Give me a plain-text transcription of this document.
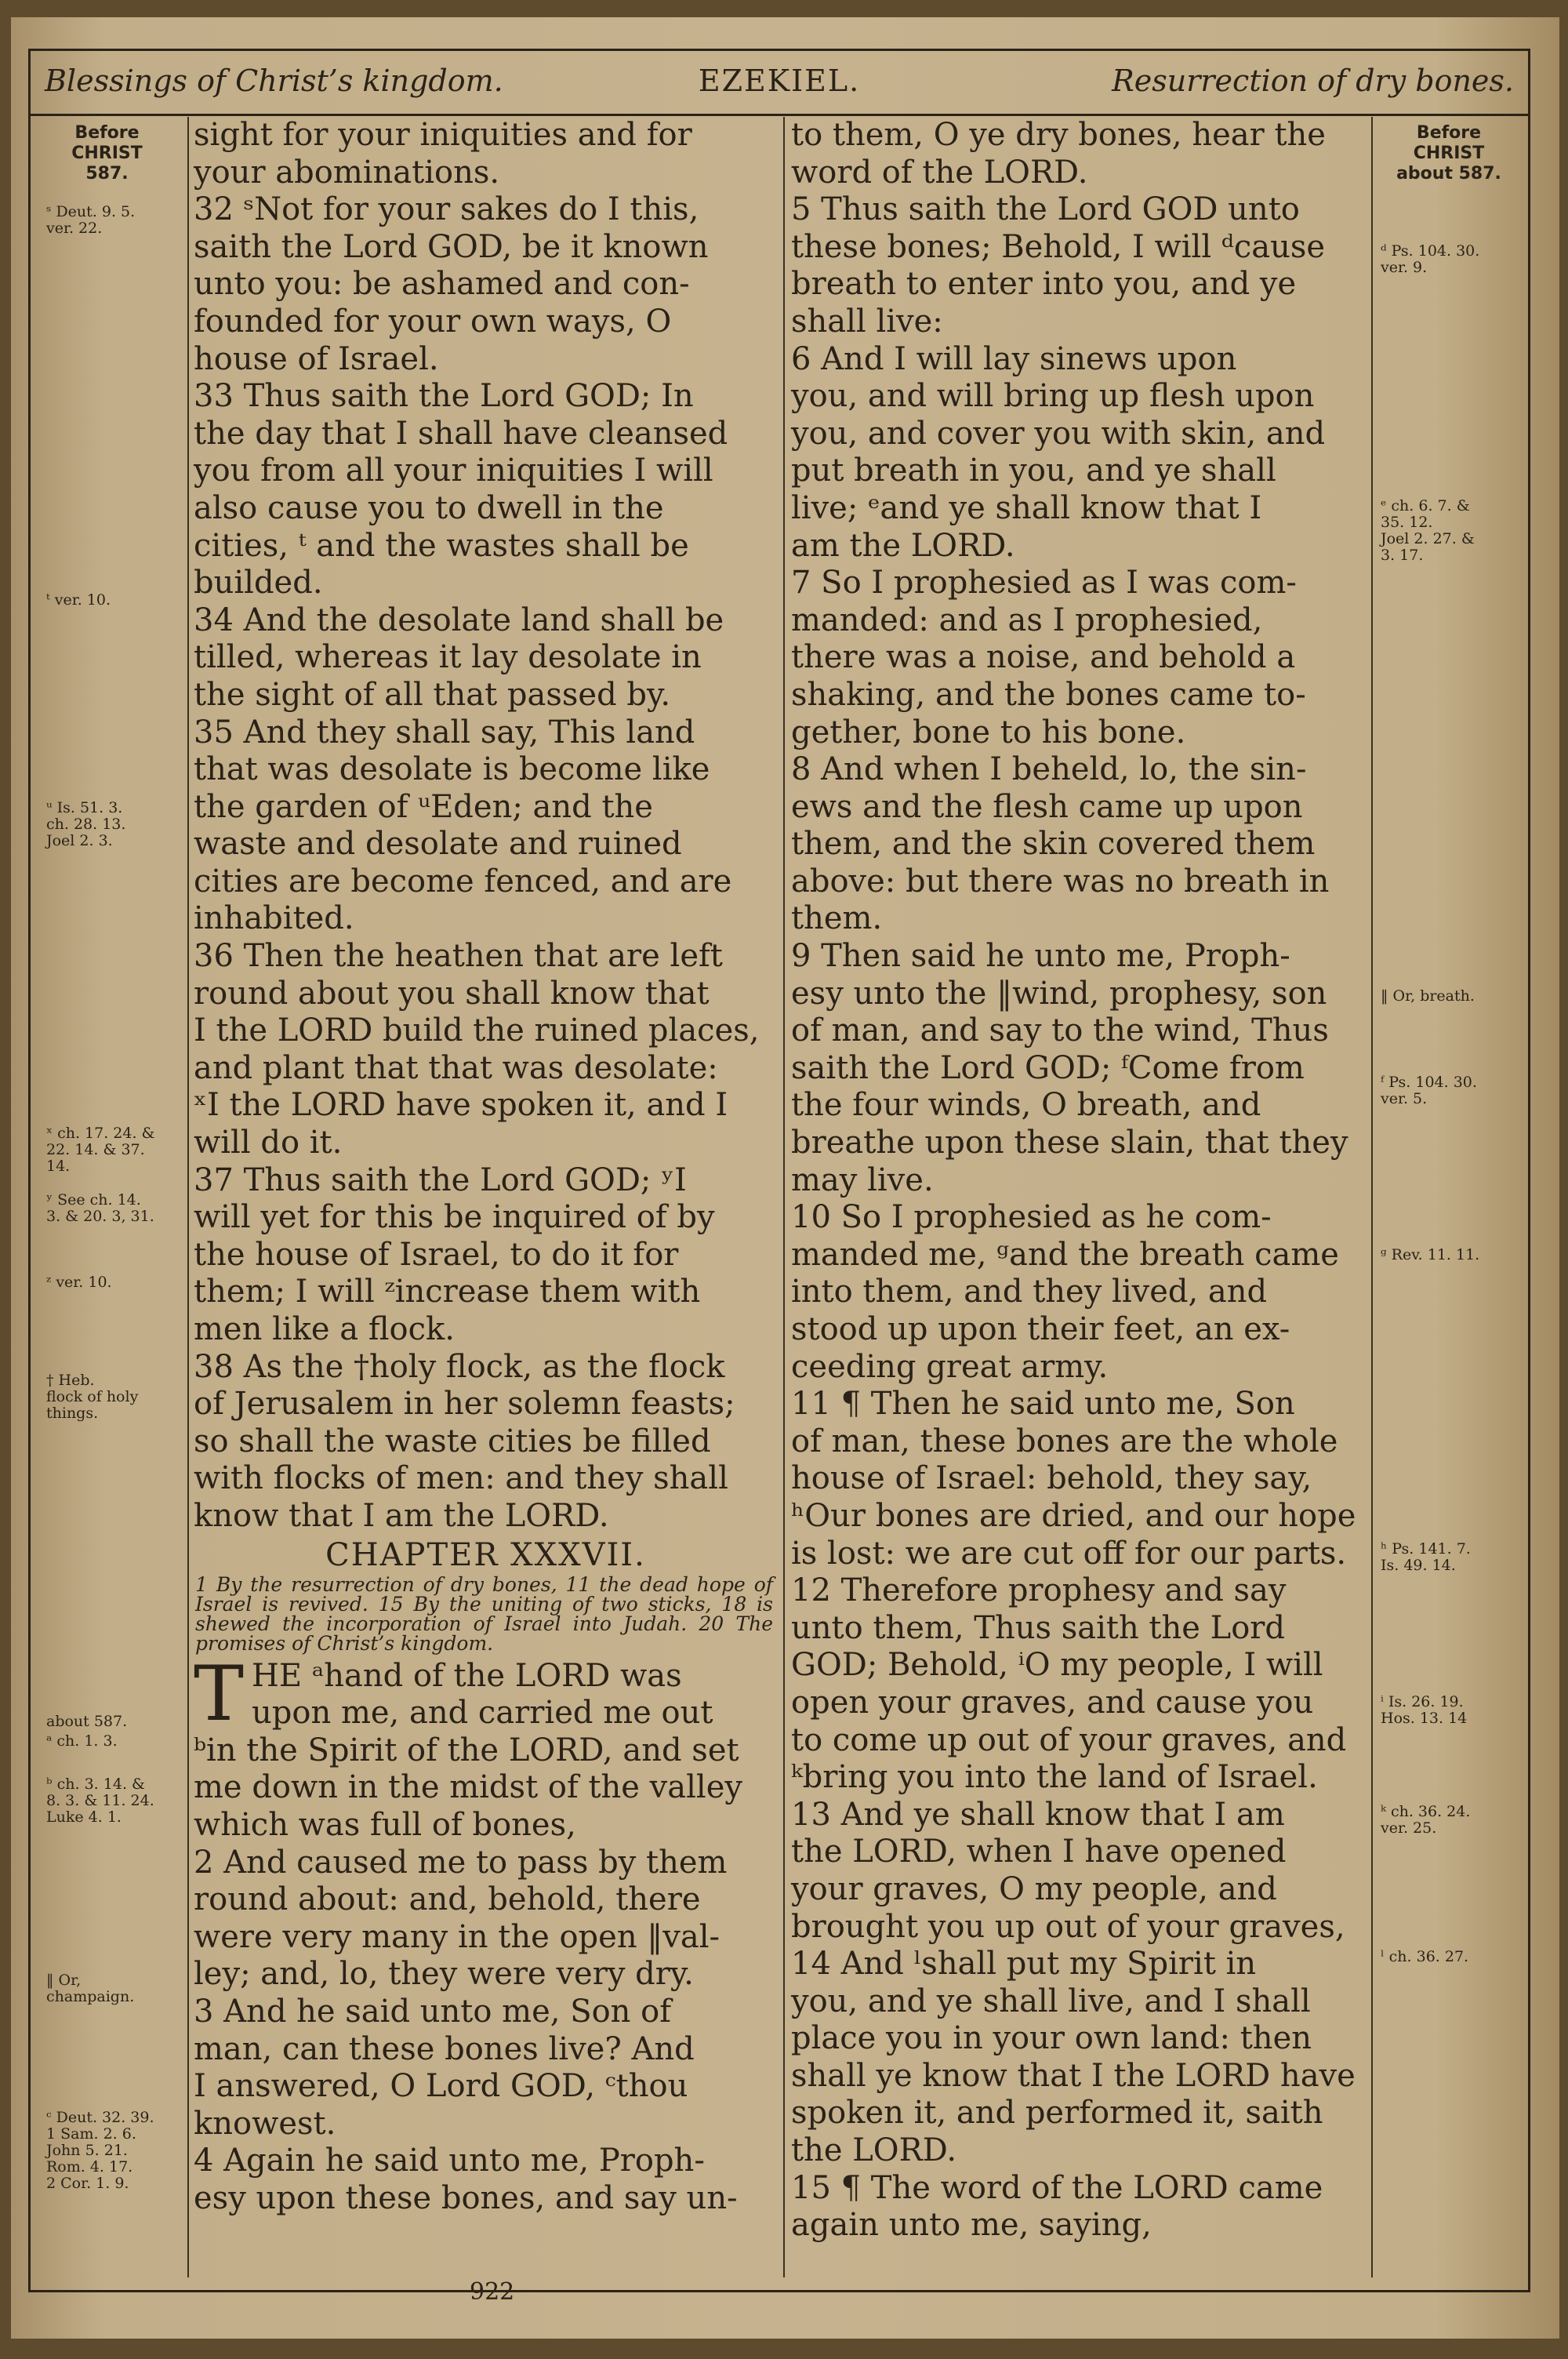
Blessings of Christ’s kingdom.	EZEKIEL.	Resurrection of dry bones.
Before
CHRIST
587.
Before
CHRIST
about 587.
ˢ Deut. 9. 5.
ver. 22.
ᵗ ver. 10.
ᵘ Is. 51. 3.
ch. 28. 13.
Joel 2. 3.
ˣ ch. 17. 24. &
22. 14. & 37.
14.
ʸ See ch. 14.
3. & 20. 3, 31.
ᶻ ver. 10.
† Heb.
flock of holy
things.
about 587.
ᵃ ch. 1. 3.
ᵇ ch. 3. 14. &
8. 3. & 11. 24.
Luke 4. 1.
‖ Or,
champaign.
ᶜ Deut. 32. 39.
1 Sam. 2. 6.
John 5. 21.
Rom. 4. 17.
2 Cor. 1. 9.
ᵈ Ps. 104. 30.
ver. 9.
ᵉ ch. 6. 7. &
35. 12.
Joel 2. 27. &
3. 17.
‖ Or, breath.
ᶠ Ps. 104. 30.
ver. 5.
ᵍ Rev. 11. 11.
ʰ Ps. 141. 7.
Is. 49. 14.
ⁱ Is. 26. 19.
Hos. 13. 14
ᵏ ch. 36. 24.
ver. 25.
ˡ ch. 36. 27.
sight for your iniquities and for
your abominations.
32 ˢNot for your sakes do I this,
saith the Lord GOD, be it known
unto you: be ashamed and con-
founded for your own ways, O
house of Israel.
33 Thus saith the Lord GOD; In
the day that I shall have cleansed
you from all your iniquities I will
also cause you to dwell in the
cities, ᵗ and the wastes shall be
builded.
34 And the desolate land shall be
tilled, whereas it lay desolate in
the sight of all that passed by.
35 And they shall say, This land
that was desolate is become like
the garden of ᵘEden; and the
waste and desolate and ruined
cities are become fenced, and are
inhabited.
36 Then the heathen that are left
round about you shall know that
I the LORD build the ruined places,
and plant that that was desolate:
ˣI the LORD have spoken it, and I
will do it.
37 Thus saith the Lord GOD; ʸI
will yet for this be inquired of by
the house of Israel, to do it for
them; I will ᶻincrease them with
men like a flock.
38 As the †holy flock, as the flock
of Jerusalem in her solemn feasts;
so shall the waste cities be filled
with flocks of men: and they shall
know that I am the LORD.
CHAPTER XXXVII.
1 By the resurrection of dry bones, 11 the dead hope of Israel is revived. 15 By the uniting of two sticks, 18 is shewed the incorporation of Israel into Judah. 20 The promises of Christ’s kingdom.
T HE ᵃhand of the LORD was
upon me, and carried me out
ᵇin the Spirit of the LORD, and set
me down in the midst of the valley
which was full of bones,
2 And caused me to pass by them
round about: and, behold, there
were very many in the open ‖val-
ley; and, lo, they were very dry.
3 And he said unto me, Son of
man, can these bones live? And
I answered, O Lord GOD, ᶜthou
knowest.
4 Again he said unto me, Proph-
esy upon these bones, and say un-
to them, O ye dry bones, hear the
word of the LORD.
5 Thus saith the Lord GOD unto
these bones; Behold, I will ᵈcause
breath to enter into you, and ye
shall live:
6 And I will lay sinews upon
you, and will bring up flesh upon
you, and cover you with skin, and
put breath in you, and ye shall
live; ᵉand ye shall know that I
am the LORD.
7 So I prophesied as I was com-
manded: and as I prophesied,
there was a noise, and behold a
shaking, and the bones came to-
gether, bone to his bone.
8 And when I beheld, lo, the sin-
ews and the flesh came up upon
them, and the skin covered them
above: but there was no breath in
them.
9 Then said he unto me, Proph-
esy unto the ‖wind, prophesy, son
of man, and say to the wind, Thus
saith the Lord GOD; ᶠCome from
the four winds, O breath, and
breathe upon these slain, that they
may live.
10 So I prophesied as he com-
manded me, ᵍand the breath came
into them, and they lived, and
stood up upon their feet, an ex-
ceeding great army.
11 ¶ Then he said unto me, Son
of man, these bones are the whole
house of Israel: behold, they say,
ʰOur bones are dried, and our hope
is lost: we are cut off for our parts.
12 Therefore prophesy and say
unto them, Thus saith the Lord
GOD; Behold, ⁱO my people, I will
open your graves, and cause you
to come up out of your graves, and
ᵏbring you into the land of Israel.
13 And ye shall know that I am
the LORD, when I have opened
your graves, O my people, and
brought you up out of your graves,
14 And ˡshall put my Spirit in
you, and ye shall live, and I shall
place you in your own land: then
shall ye know that I the LORD have
spoken it, and performed it, saith
the LORD.
15 ¶ The word of the LORD came
again unto me, saying,
922
